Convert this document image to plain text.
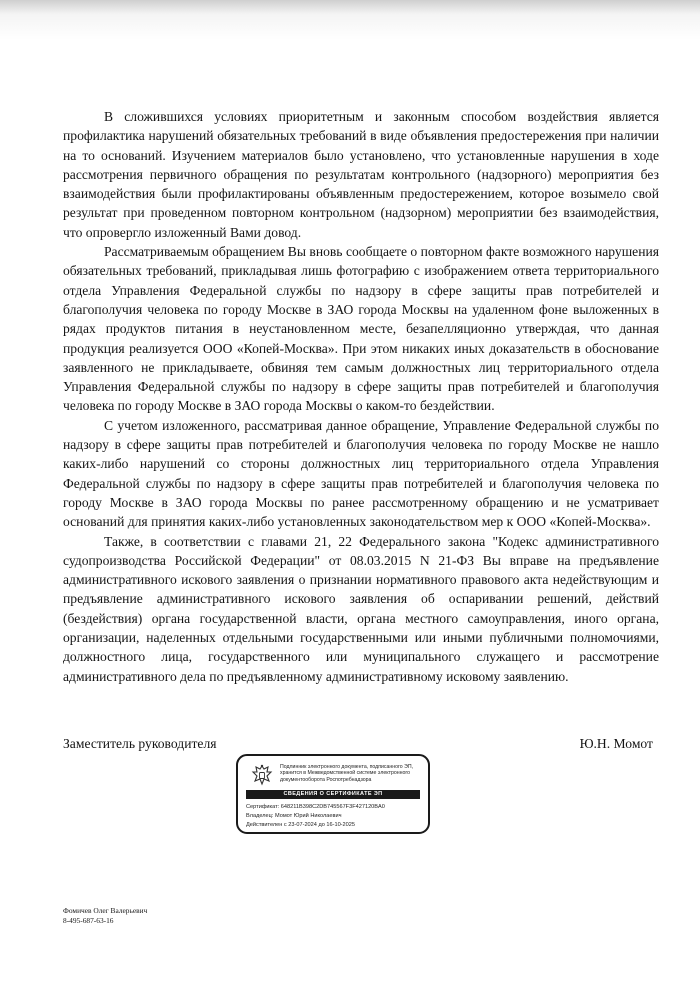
В сложившихся условиях приоритетным и законным способом воздействия является профилактика нарушений обязательных требований в виде объявления предостережения при наличии на то оснований. Изучением материалов было установлено, что установленные нарушения в ходе рассмотрения первичного обращения по результатам контрольного (надзорного) мероприятия без взаимодействия были профилактированы объявленным предостережением, которое возымело свой результат при проведенном повторном контрольном (надзорном) мероприятии без взаимодействия, что опровергло изложенный Вами довод.

Рассматриваемым обращением Вы вновь сообщаете о повторном факте возможного нарушения обязательных требований, прикладывая лишь фотографию с изображением ответа территориального отдела Управления Федеральной службы по надзору в сфере защиты прав потребителей и благополучия человека по городу Москве в ЗАО города Москвы на удаленном фоне выложенных в рядах продуктов питания в неустановленном месте, безапелляционно утверждая, что данная продукция реализуется ООО «Копей-Москва». При этом никаких иных доказательств в обоснование заявленного не прикладываете, обвиняя тем самым должностных лиц территориального отдела Управления Федеральной службы по надзору в сфере защиты прав потребителей и благополучия человека по городу Москве в ЗАО города Москвы о каком-то бездействии.

С учетом изложенного, рассматривая данное обращение, Управление Федеральной службы по надзору в сфере защиты прав потребителей и благополучия человека по городу Москве не нашло каких-либо нарушений со стороны должностных лиц территориального отдела Управления Федеральной службы по надзору в сфере защиты прав потребителей и благополучия человека по городу Москве в ЗАО города Москвы по ранее рассмотренному обращению и не усматривает оснований для принятия каких-либо установленных законодательством мер к ООО «Копей-Москва».

Также, в соответствии с главами 21, 22 Федерального закона "Кодекс административного судопроизводства Российской Федерации" от 08.03.2015 N 21-ФЗ Вы вправе на предъявление административного искового заявления о признании нормативного правового акта недействующим и предъявление административного искового заявления об оспаривании решений, действий (бездействия) органа государственной власти, органа местного самоуправления, иного органа, организации, наделенных отдельными государственными или иными публичными полномочиями, должностного лица, государственного или муниципального служащего и рассмотрение административного дела по предъявленному административному исковому заявлению.

Заместитель руководителя	Ю.Н. Момот
Подлинник электронного документа, подписанного ЭП, хранится в Межведомственной системе электронного документооборота Роспотребнадзора
СВЕДЕНИЯ О СЕРТИФИКАТЕ ЭП
Сертификат: 648211B398C2DB745567F3F427120BA0
Владелец: Момот Юрий Николаевич
Действителен с 23-07-2024 до 16-10-2025
Фомичев Олег Валерьевич
8-495-687-63-16
